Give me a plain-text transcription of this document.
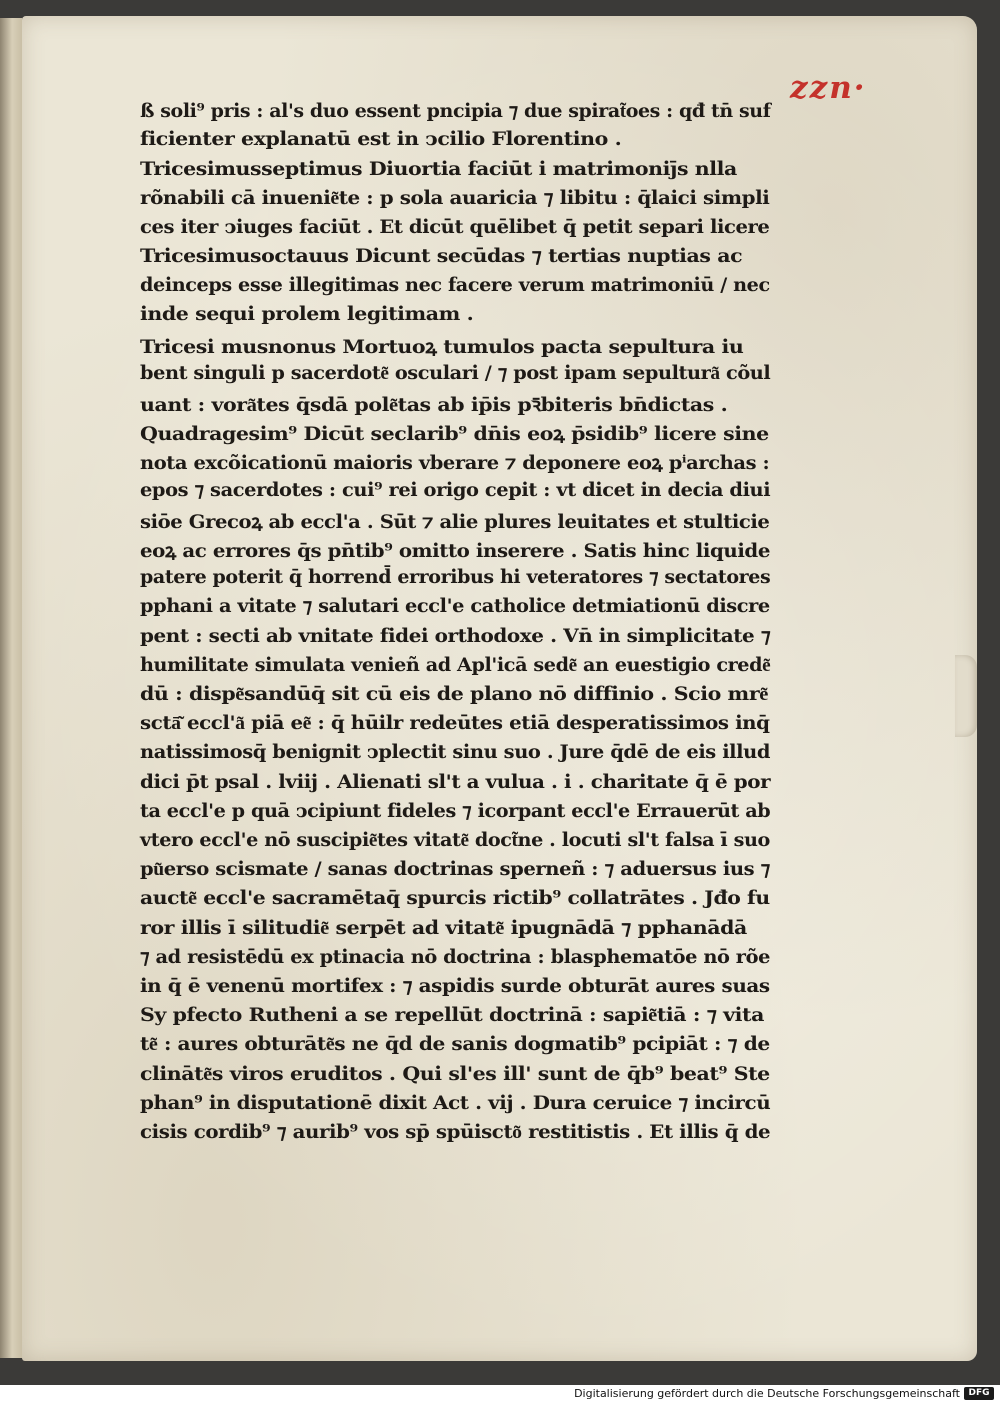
zzn·
ß soli⁹ pris : al's duo essent pncipia ⁊ due spirat͂oes : qđ tn̄ suf
ficienter explanatū est in ↄcilio Florentino .
Tricesimusseptimus Diuortia faciūt i matrimonij̄s nlla
rõnabili cā inuenie͂te : p sola auaricia ⁊ libitu : q̄laici simpli
ces iter ↄiuges faciūt . Et dicūt quēlibet q̄ petit separi licere
Tricesimusoctauus Dicunt secūdas ⁊ tertias nuptias ac
deinceps esse illegitimas nec facere verum matrimoniū / nec
inde sequi prolem legitimam .
Tricesi musnonus Mortuoꝝ tumulos pacta sepultura iu
bent singuli p sacerdote͂ osculari / ⁊ post ipam sepultura͂ cõul
uant : vora͂tes q̄sdā pole͂tas ab ip̄is pꝛ̄biteris bn̄dictas .
Quadragesim⁹ Dicūt seclarib⁹ dn̄is eoꝝ p̄sidib⁹ licere sine
nota excõicationū maioris vberare ⁊ deponere eoꝝ pⁱarchas :
epos ⁊ sacerdotes : cui⁹ rei origo cepit : vt dicet in decia diui
siōe Grecoꝝ ab eccl'a . Sūt ⁊ alie plures leuitates et stulticie
eoꝝ ac errores q̄s pn̄tib⁹ omitto inserere . Satis hinc liquide
patere poterit q̄ horrend̄ erroribus hi veteratores ⁊ sectatores
pphani a vitate ⁊ salutari eccl'e catholice detmiationū discre
pent : secti ab vnitate fidei orthodoxe . Vn̄ in simplicitate ⁊
humilitate simulata venieñ ad Apl'icā sede͂ an euestigio crede͂
dū : dispe͂sandūq̄ sit cū eis de plano nō diffinio . Scio mre͂
sctā͂ eccl'a͂ piā ee͂ : q̄ hūilr redeūtes etiā desperatissimos inq̄
natissimosq̄ benignit ↄplectit sinu suo . Jure q̄dē de eis illud
dici p̄t psal . lviij . Alienati sl't a vulua . i . charitate q̄ ē por
ta eccl'e p quā ↄcipiunt fideles ⁊ icorpant eccl'e Errauerūt ab
vtero eccl'e nō suscipie͂tes vitate͂ doct͂ne . locuti sl't falsa ī suo
pu͂erso scismate / sanas doctrinas sperneñ : ⁊ aduersus ius ⁊
aucte͂ eccl'e sacramētaq̄ spurcis rictib⁹ collatrātes . Jđo fu
ror illis ī silitudie͂ serpēt ad vitate͂ ipugnādā ⁊ pphanādā
⁊ ad resistēdū ex ptinacia nō doctrina : blasphematōe nō rõe
in q̄ ē venenū mortifex : ⁊ aspidis surde obturāt aures suas
Sy pfecto Rutheni a se repellūt doctrinā : sapie͂tiā : ⁊ vita
te͂ : aures obturāte͂s ne q̄d de sanis dogmatib⁹ pcipiāt : ⁊ de
clināte͂s viros eruditos . Qui sl'es ill' sunt de q̄b⁹ beat⁹ Ste
phan⁹ in disputationē dixit Act . vij . Dura ceruice ⁊ incircū
cisis cordib⁹ ⁊ aurib⁹ vos sp̄ spūiscto͂ restitistis . Et illis q̄ de
Digitalisierung gefördert durch die Deutsche Forschungsgemeinschaft DFG
